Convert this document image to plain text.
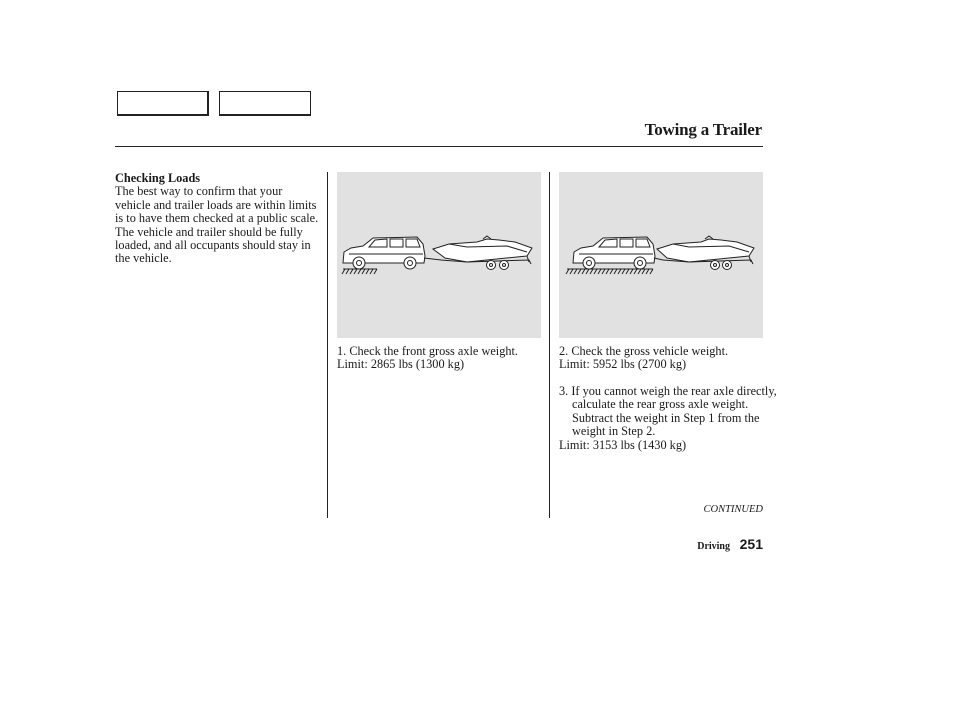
Towing a Trailer
Checking Loads

The best way to confirm that your vehicle and trailer loads are within limits is to have them checked at a public scale. The vehicle and trailer should be fully loaded, and all occupants should stay in the vehicle.

1. Check the front gross axle weight.
Limit: 2865 lbs (1300 kg)
2. Check the gross vehicle weight.
Limit: 5952 lbs (2700 kg)
3. If you cannot weigh the rear axle directly, calculate the rear gross axle weight. Subtract the weight in Step 1 from the weight in Step 2.
Limit: 3153 lbs (1430 kg)
CONTINUED
Driving 251
